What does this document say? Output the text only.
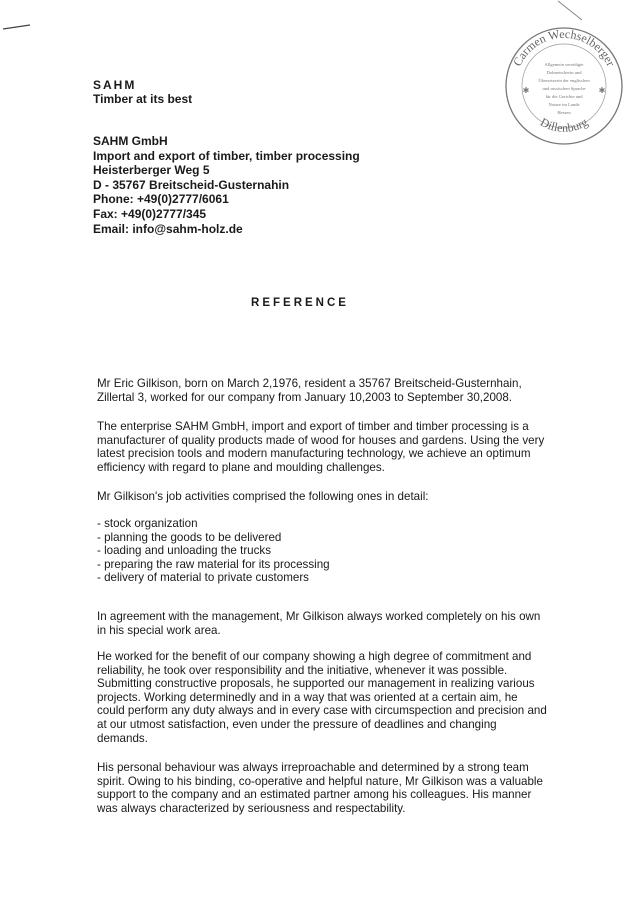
Carmen Wechselberger
Dillenburg
Allgemein vereidigte
Dolmetscherin und
Übersetzerin der englischen
und russischen Sprache
für die Gerichte und
Notare im Lande
Hessen
✱	✱
SAHM
Timber at its best
SAHM GmbH
Import and export of timber, timber processing
Heisterberger Weg 5
D - 35767 Breitscheid-Gusternahin
Phone: +49(0)2777/6061
Fax: +49(0)2777/345
Email: info@sahm-holz.de
REFERENCE
Mr Eric Gilkison, born on March 2,1976, resident a 35767 Breitscheid-Gusternhain, Zillertal 3, worked for our company from January 10,2003 to September 30,2008.
The enterprise SAHM GmbH, import and export of timber and timber processing is a manufacturer of quality products made of wood for houses and gardens. Using the very latest precision tools and modern manufacturing technology, we achieve an optimum efficiency with regard to plane and moulding challenges.
Mr Gilkison's job activities comprised the following ones in detail:
- stock organization
- planning the goods to be delivered
- loading and unloading the trucks
- preparing the raw material for its processing
- delivery of material to private customers
In agreement with the management, Mr Gilkison always worked completely on his own in his special work area.
He worked for the benefit of our company showing a high degree of commitment and reliability, he took over responsibility and the initiative, whenever it was possible. Submitting constructive proposals, he supported our management in realizing various projects. Working determinedly and in a way that was oriented at a certain aim, he could perform any duty always and in every case with circumspection and precision and at our utmost satisfaction, even under the pressure of deadlines and changing demands.
His personal behaviour was always irreproachable and determined by a strong team spirit. Owing to his binding, co-operative and helpful nature, Mr Gilkison was a valuable support to the company and an estimated partner among his colleagues. His manner was always characterized by seriousness and respectability.
